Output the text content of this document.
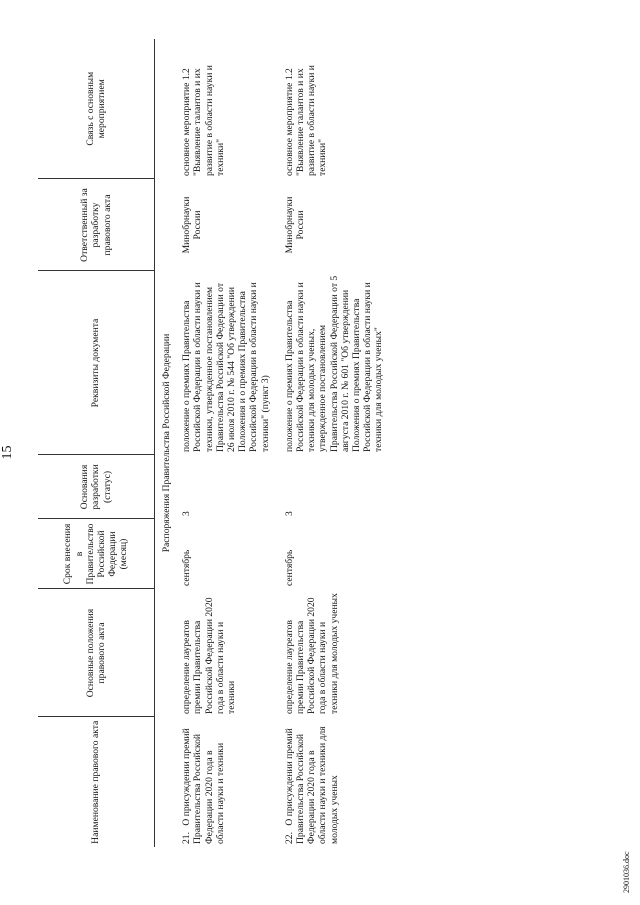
15
Наименование правового акта	Основные положения правового акта	Срок внесения в Правительство Российской Федерации (месяц)	Основания разработки (статус)	Реквизиты документа	Ответственный за разработку правового акта	Связь с основным мероприятием
Распоряжения Правительства Российской Федерации						
21. О присуждении премий Правительства Российской Федерации 2020 года в области науки и техники	определение лауреатов премии Правительства Российской Федерации 2020 года в области науки и техники	сентябрь	3	положение о премиях Правительства Российской Федерации в области науки и техники, утвержденное постановлением Правительства Российской Федерации от 26 июля 2010 г. № 544 "Об утверждении Положения и о премиях Правительства Российской Федерации в области науки и техники" (пункт 3)	Минобрнауки России	основное мероприятие 1.2 "Выявление талантов и их развитие в области науки и техники"
22. О присуждении премий Правительства Российской Федерации 2020 года в области науки и техники для молодых ученых	определение лауреатов премии Правительства Российской Федерации 2020 года в области науки и техники для молодых ученых	сентябрь	3	положение о премиях Правительства Российской Федерации в области науки и техники для молодых ученых, утвержденное постановлением Правительства Российской Федерации от 5 августа 2010 г. № 601 "Об утверждении Положения о премиях Правительства Российской Федерации в области науки и техники для молодых ученых"	Минобрнауки России	основное мероприятие 1.2 "Выявление талантов и их развитие в области науки и техники"
2901036.doc
